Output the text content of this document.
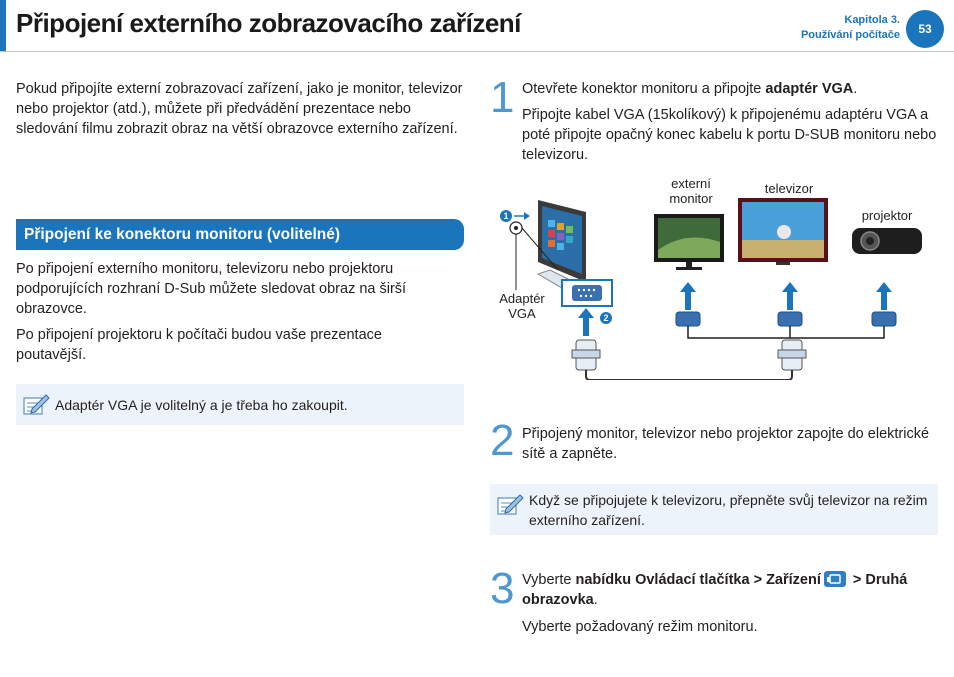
Připojení externího zobrazovacího zařízení	Kapitola 3.
Používání počítače 53
Pokud připojíte externí zobrazovací zařízení, jako je monitor, televizor nebo projektor (atd.), můžete při předvádění prezentace nebo sledování filmu zobrazit obraz na větší obrazovce externího zařízení.
Připojení ke konektoru monitoru (volitelné)
Po připojení externího monitoru, televizoru nebo projektoru podporujících rozhraní D-Sub můžete sledovat obraz na širší obrazovce.
Po připojení projektoru k počítači budou vaše prezentace poutavější.
Adaptér VGA je volitelný a je třeba ho zakoupit.
1 Otevřete konektor monitoru a připojte adaptér VGA.
Připojte kabel VGA (15kolíkový) k připojenému adaptéru VGA a poté připojte opačný konec kabelu k portu D-SUB monitoru nebo televizoru.
externí
monitor
televizor
projektor
Adaptér
VGA
1
2
2 Připojený monitor, televizor nebo projektor zapojte do elektrické sítě a zapněte.
Když se připojujete k televizoru, přepněte svůj televizor na režim externího zařízení.
3 Vyberte nabídku Ovládací tlačítka > Zařízení > Druhá obrazovka.
Vyberte požadovaný režim monitoru.
